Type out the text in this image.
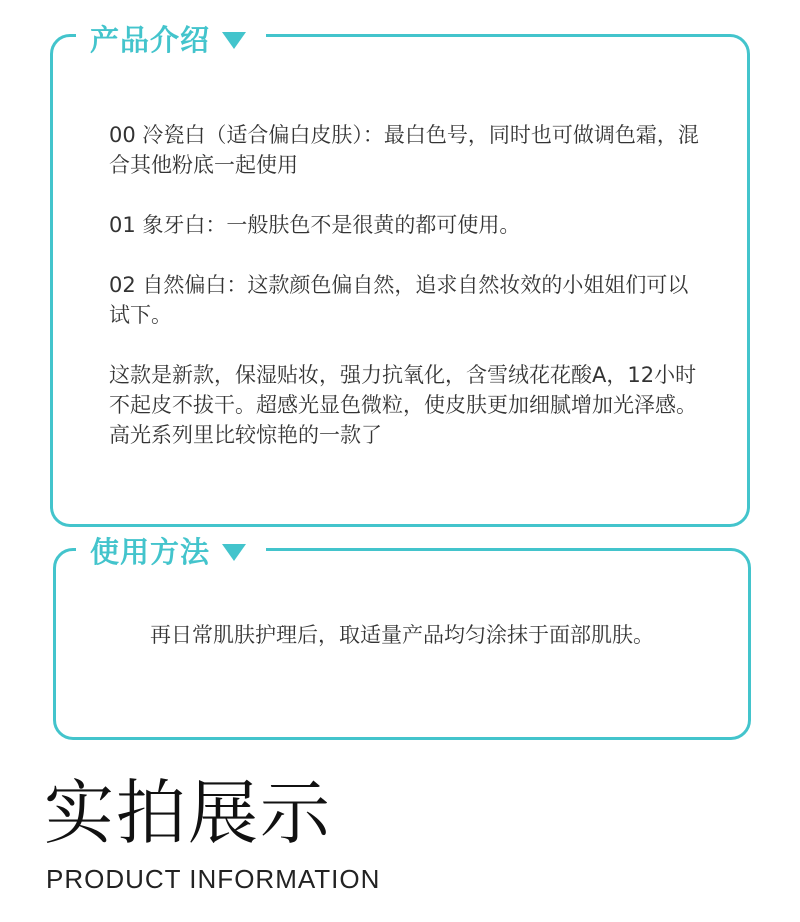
产品介绍

00 冷瓷白（适合偏白皮肤）：最白色号，同时也可做调色霜，混合其他粉底一起使用

01 象牙白：一般肤色不是很黄的都可使用。

02 自然偏白：这款颜色偏自然，追求自然妆效的小姐姐们可以试下。

这款是新款，保湿贴妆，强力抗氧化，含雪绒花花酸A，12小时不起皮不拔干。超感光显色微粒，使皮肤更加细腻增加光泽感。高光系列里比较惊艳的一款了

使用方法
再日常肌肤护理后，取适量产品均匀涂抹于面部肌肤。
实拍展示
PRODUCT INFORMATION
